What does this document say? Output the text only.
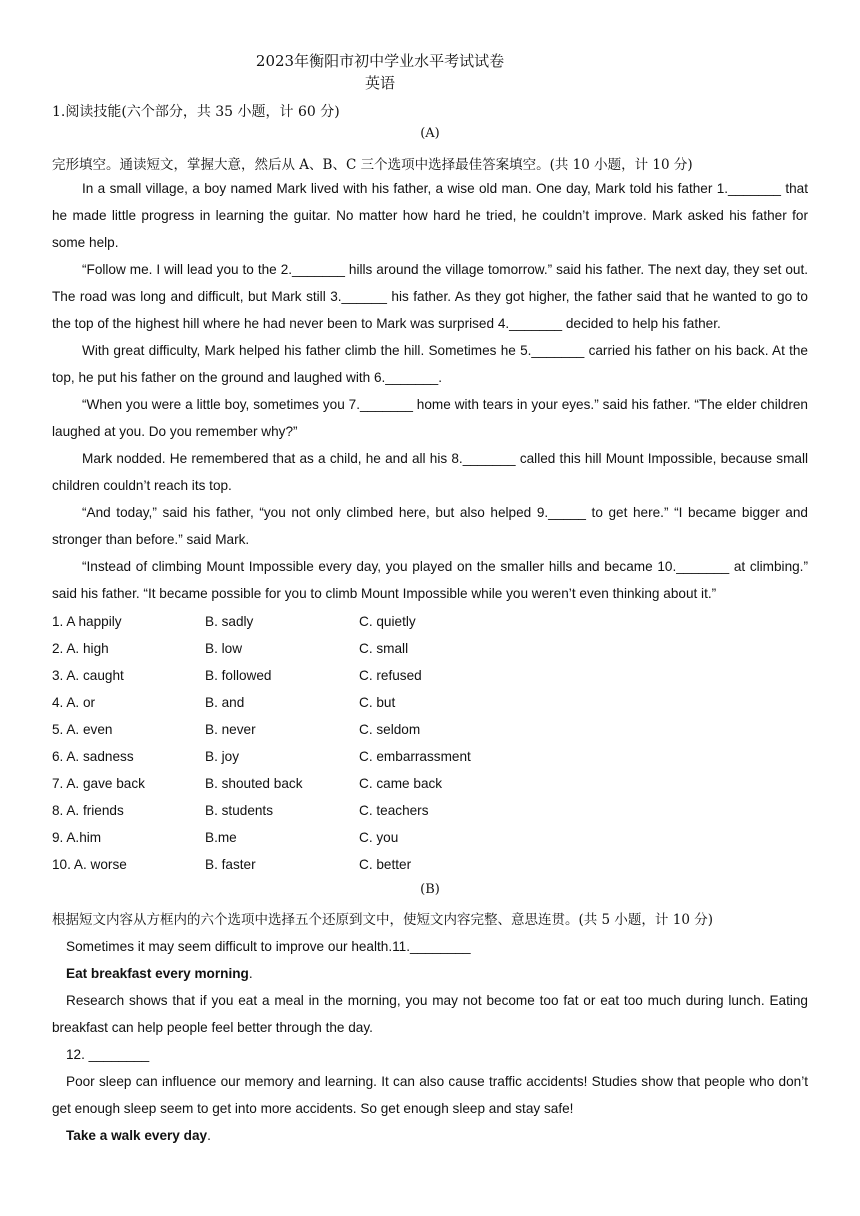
2023年衡阳市初中学业水平考试试卷
英语
1.阅读技能(六个部分，共 35 小题，计 60 分)
(A)
完形填空。通读短文，掌握大意，然后从 A、B、C 三个选项中选择最佳答案填空。(共 10 小题，计 10 分)

In a small village, a boy named Mark lived with his father, a wise old man. One day, Mark told his father 1._______ that he made little progress in learning the guitar. No matter how hard he tried, he couldn’t improve. Mark asked his father for some help.

“Follow me. I will lead you to the 2._______ hills around the village tomorrow.” said his father. The next day, they set out. The road was long and difficult, but Mark still 3.______ his father. As they got higher, the father said that he wanted to go to the top of the highest hill where he had never been to Mark was surprised 4._______ decided to help his father.

With great difficulty, Mark helped his father climb the hill. Sometimes he 5._______ carried his father on his back. At the top, he put his father on the ground and laughed with 6._______.

“When you were a little boy, sometimes you 7._______ home with tears in your eyes.” said his father. “The elder children laughed at you. Do you remember why?”

Mark nodded. He remembered that as a child, he and all his 8._______ called this hill Mount Impossible, because small children couldn’t reach its top.

“And today,” said his father, “you not only climbed here, but also helped 9._____ to get here.” “I became bigger and stronger than before.” said Mark.

“Instead of climbing Mount Impossible every day, you played on the smaller hills and became 10._______ at climbing.” said his father. “It became possible for you to climb Mount Impossible while you weren’t even thinking about it.”

1. A happily	B. sadly	C. quietly
2. A. high	B. low	C. small
3. A. caught	B. followed	C. refused
4. A. or	B. and	C. but
5. A. even	B. never	C. seldom
6. A. sadness	B. joy	C. embarrassment
7. A. gave back	B. shouted back	C. came back
8. A. friends	B. students	C. teachers
9. A.him	B.me	C. you
10. A. worse	B. faster	C. better
(B)
根据短文内容从方框内的六个选项中选择五个还原到文中，使短文内容完整、意思连贯。(共 5 小题，计 10 分)

Sometimes it may seem difficult to improve our health.11.________

Eat breakfast every morning.

Research shows that if you eat a meal in the morning, you may not become too fat or eat too much during lunch. Eating breakfast can help people feel better through the day.

12. ________

Poor sleep can influence our memory and learning. It can also cause traffic accidents! Studies show that people who don’t get enough sleep seem to get into more accidents. So get enough sleep and stay safe!

Take a walk every day.
